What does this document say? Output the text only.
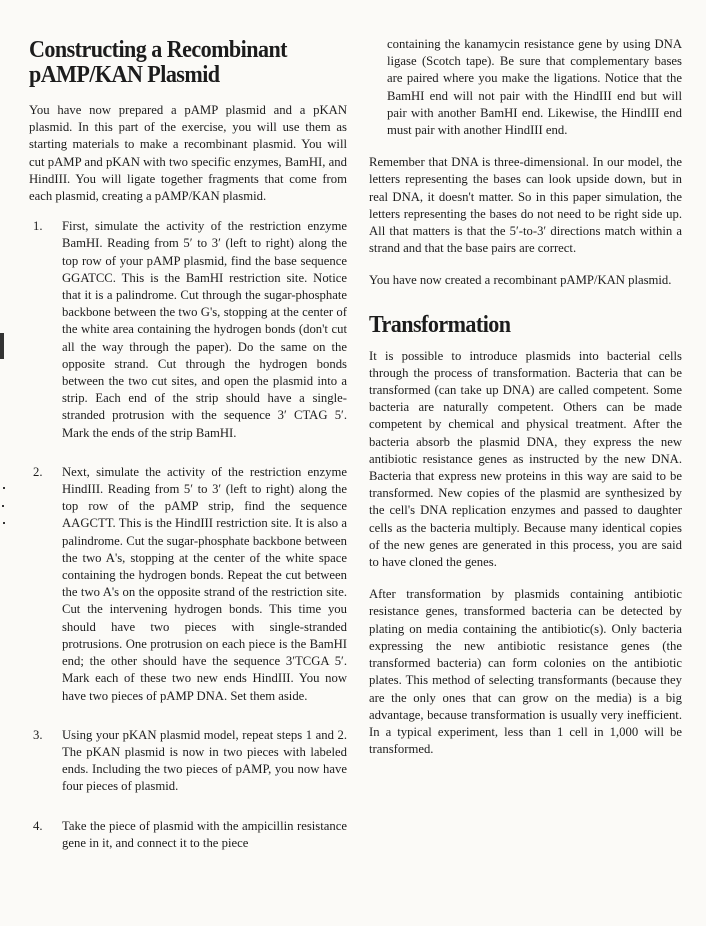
Constructing a Recombinant
pAMP/KAN Plasmid

You have now prepared a pAMP plasmid and a pKAN plasmid. In this part of the exercise, you will use them as starting materials to make a recombinant plasmid. You will cut pAMP and pKAN with two specific enzymes, BamHI, and HindIII. You will ligate together fragments that come from each plasmid, creating a pAMP/KAN plasmid.

1. First, simulate the activity of the restriction enzyme BamHI. Reading from 5′ to 3′ (left to right) along the top row of your pAMP plasmid, find the base sequence GGATCC. This is the BamHI restriction site. Notice that it is a palindrome. Cut through the sugar-phosphate backbone between the two G's, stopping at the center of the white area containing the hydrogen bonds (don't cut all the way through the paper). Do the same on the opposite strand. Cut through the hydrogen bonds between the two cut sites, and open the plasmid into a strip. Each end of the strip should have a single-stranded protrusion with the sequence 3′ CTAG 5′. Mark the ends of the strip BamHI.
2. Next, simulate the activity of the restriction enzyme HindIII. Reading from 5′ to 3′ (left to right) along the top row of the pAMP strip, find the sequence AAGCTT. This is the HindIII restriction site. It is also a palindrome. Cut the sugar-phosphate backbone between the two A's, stopping at the center of the white space containing the hydrogen bonds. Repeat the cut between the two A's on the opposite strand of the restriction site. Cut the intervening hydrogen bonds. This time you should have two pieces with single-stranded protrusions. One protrusion on each piece is the BamHI end; the other should have the sequence 3′TCGA 5′. Mark each of these two new ends HindIII. You now have two pieces of pAMP DNA. Set them aside.
3. Using your pKAN plasmid model, repeat steps 1 and 2. The pKAN plasmid is now in two pieces with labeled ends. Including the two pieces of pAMP, you now have four pieces of plasmid.
4. Take the piece of plasmid with the ampicillin resistance gene in it, and connect it to the piece

containing the kanamycin resistance gene by using DNA ligase (Scotch tape). Be sure that complementary bases are paired where you make the ligations. Notice that the BamHI end will not pair with the HindIII end but will pair with another BamHI end. Likewise, the HindIII end must pair with another HindIII end.

Remember that DNA is three-dimensional. In our model, the letters representing the bases can look upside down, but in real DNA, it doesn't matter. So in this paper simulation, the letters representing the bases do not need to be right side up. All that matters is that the 5′-to-3′ directions match within a strand and that the base pairs are correct.

You have now created a recombinant pAMP/KAN plasmid.

Transformation

It is possible to introduce plasmids into bacterial cells through the process of transformation. Bacteria that can be transformed (can take up DNA) are called competent. Some bacteria are naturally competent. Others can be made competent by chemical and physical treatment. After the bacteria absorb the plasmid DNA, they express the new antibiotic resistance genes as instructed by the new DNA. Bacteria that express new proteins in this way are said to be transformed. New copies of the plasmid are synthesized by the cell's DNA replication enzymes and passed to daughter cells as the bacteria multiply. Because many identical copies of the new genes are generated in this process, you are said to have cloned the genes.

After transformation by plasmids containing antibiotic resistance genes, transformed bacteria can be detected by plating on media containing the antibiotic(s). Only bacteria expressing the new antibiotic resistance genes (the transformed bacteria) can form colonies on the antibiotic plates. This method of selecting transformants (because they are the only ones that can grow on the media) is a big advantage, because transformation is usually very inefficient. In a typical experiment, less than 1 cell in 1,000 will be transformed.
